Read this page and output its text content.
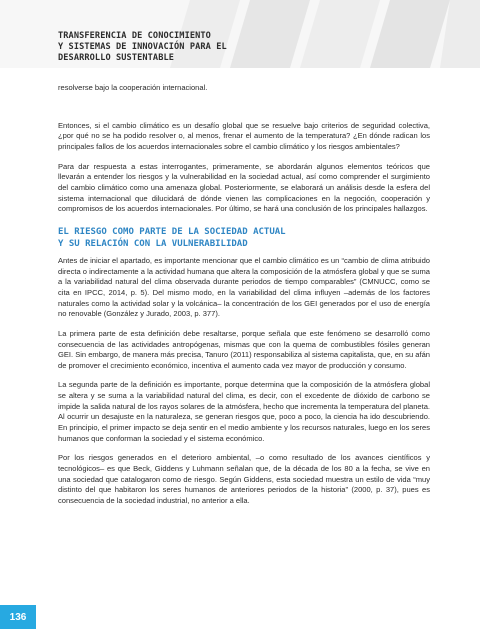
TRANSFERENCIA DE CONOCIMIENTO
Y SISTEMAS DE INNOVACIÓN PARA EL
DESARROLLO SUSTENTABLE

resolverse bajo la cooperación internacional.

Entonces, si el cambio climático es un desafío global que se resuelve bajo criterios de seguridad colectiva, ¿por qué no se ha podido resolver o, al menos, frenar el aumento de la temperatura? ¿En dónde radican los principales fallos de los acuerdos internacionales sobre el cambio climático y los riesgos ambientales?

Para dar respuesta a estas interrogantes, primeramente, se abordarán algunos elementos teóricos que llevarán a entender los riesgos y la vulnerabilidad en la sociedad actual, así como comprender el surgimiento del cambio climático como una amenaza global. Posteriormente, se elaborará un análisis desde la esfera del sistema internacional que dilucidará de dónde vienen las complicaciones en la negoción, cooperación y compromisos de los acuerdos internacionales. Por último, se hará una conclusión de los principales hallazgos.

EL RIESGO COMO PARTE DE LA SOCIEDAD ACTUAL

Y SU RELACIÓN CON LA VULNERABILIDAD

Antes de iniciar el apartado, es importante mencionar que el cambio climático es un “cambio de clima atribuido directa o indirectamente a la actividad humana que altera la composición de la atmósfera global y que se suma a la variabilidad natural del clima observada durante periodos de tiempo comparables” (CMNUCC, como se cita en IPCC, 2014, p. 5). Del mismo modo, en la variabilidad del clima influyen –además de los factores naturales como la actividad solar y la volcánica– la concentración de los GEI generados por el uso de energía no renovable (González y Jurado, 2003, p. 377).

La primera parte de esta definición debe resaltarse, porque señala que este fenómeno se desarrolló como consecuencia de las actividades antropógenas, mismas que con la quema de combustibles fósiles generan GEI. Sin embargo, de manera más precisa, Tanuro (2011) responsabiliza al sistema capitalista, que, en su afán de promover el crecimiento económico, incentiva el aumento cada vez mayor de producción y consumo.

La segunda parte de la definición es importante, porque determina que la composición de la atmósfera global se altera y se suma a la variabilidad natural del clima, es decir, con el excedente de dióxido de carbono se impide la salida natural de los rayos solares de la atmósfera, hecho que incrementa la temperatura del planeta. Al ocurrir un desajuste en la naturaleza, se generan riesgos que, poco a poco, la ciencia ha ido descubriendo. En principio, el primer impacto se deja sentir en el medio ambiente y los recursos naturales, luego en los seres humanos que conforman la sociedad y el sistema económico.

Por los riesgos generados en el deterioro ambiental, –o como resultado de los avances científicos y tecnológicos– es que Beck, Giddens y Luhmann señalan que, de la década de los 80 a la fecha, se vive en una sociedad que catalogaron como de riesgo. Según Giddens, esta sociedad muestra un estilo de vida “muy distinto del que habitaron los seres humanos de anteriores periodos de la historia” (2000, p. 37), pues es consecuencia de la sociedad industrial, no anterior a ella.

136
